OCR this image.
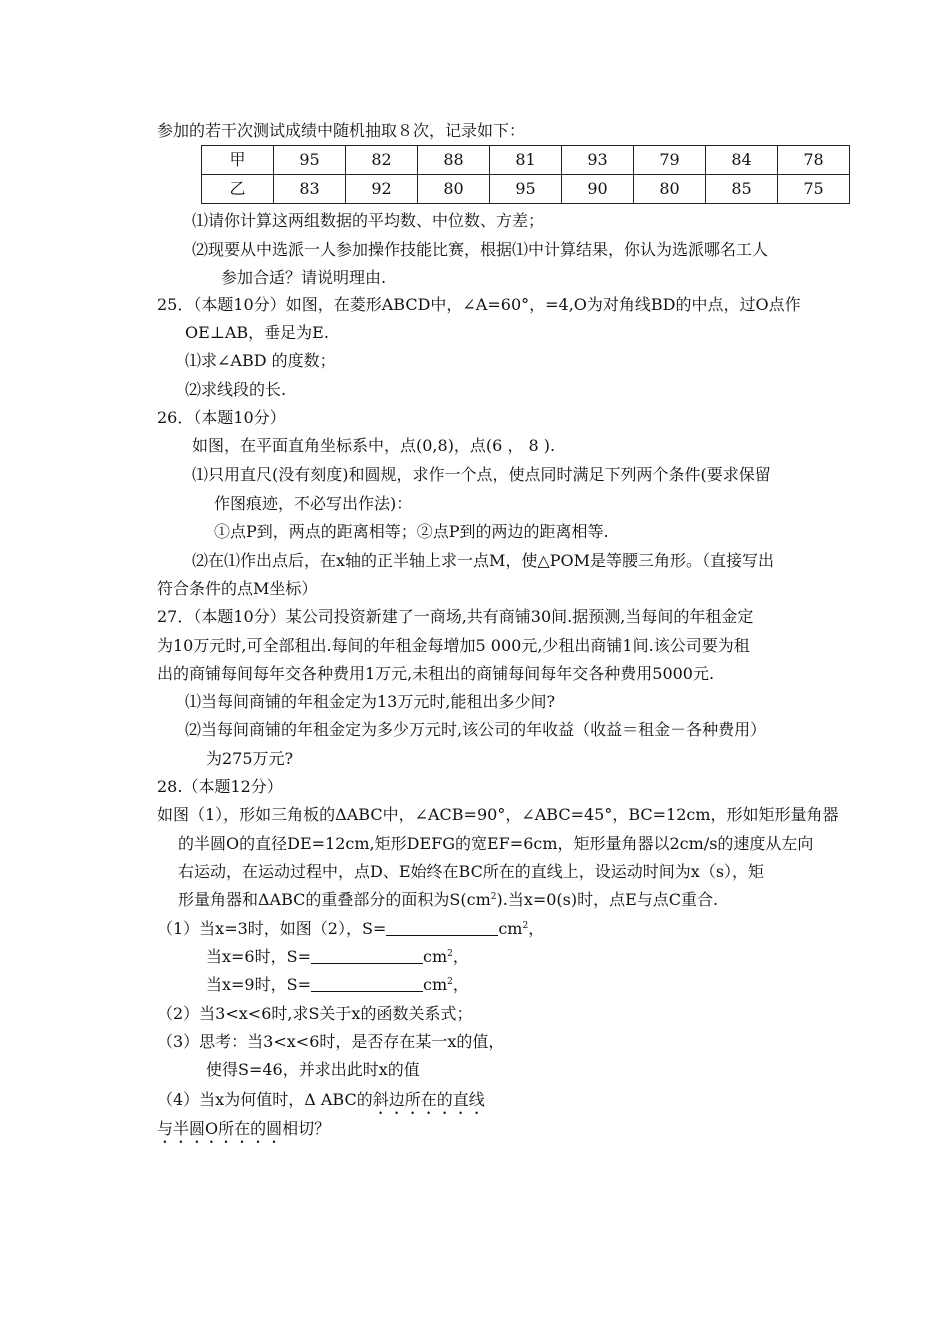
参加的若干次测试成绩中随机抽取８次，记录如下：
甲	95	82	88	81	93	79	84	78
乙	83	92	80	95	90	80	85	75
⑴请你计算这两组数据的平均数、中位数、方差；
⑵现要从中选派一人参加操作技能比赛，根据⑴中计算结果，你认为选派哪名工人
参加合适？请说明理由.
25．（本题10分）如图，在菱形ABCD中，∠A=60°，=4,O为对角线BD的中点，过O点作
OE⊥AB，垂足为E.
⑴求∠ABD 的度数；
⑵求线段的长.
26．（本题10分）
如图，在平面直角坐标系中，点(0,8)，点(6 ， 8 ).
⑴只用直尺(没有刻度)和圆规，求作一个点，使点同时满足下列两个条件(要求保留
作图痕迹，不必写出作法)：
①点P到，两点的距离相等；②点P到的两边的距离相等.
⑵在⑴作出点后，在x轴的正半轴上求一点M，使△POM是等腰三角形。（直接写出
符合条件的点M坐标）
27．（本题10分）某公司投资新建了一商场,共有商铺30间.据预测,当每间的年租金定
为10万元时,可全部租出.每间的年租金每增加5 000元,少租出商铺1间.该公司要为租
出的商铺每间每年交各种费用1万元,未租出的商铺每间每年交各种费用5000元.
⑴当每间商铺的年租金定为13万元时,能租出多少间?
⑵当每间商铺的年租金定为多少万元时,该公司的年收益（收益＝租金－各种费用）
为275万元?
28.（本题12分）
如图（1），形如三角板的ΔABC中，∠ACB=90°，∠ABC=45°，BC=12cm，形如矩形量角器
的半圆O的直径DE=12cm,矩形DEFG的宽EF=6cm，矩形量角器以2cm/s的速度从左向
右运动，在运动过程中，点D、E始终在BC所在的直线上，设运动时间为x（s），矩
形量角器和ΔABC的重叠部分的面积为$S(cm^2)$.当x=0(s)时，点E与点C重合.
（1）当x=3时，如图（2），S=	$cm^2$，
当x=6时，S=	$cm^2$，
当x=9时，S=	$cm^2$，
（2）当3<x<6时,求S关于x的函数关系式；
（3）思考：当3<x<6时，是否存在某一x的值，
使得S=46，并求出此时x的值
（4）当x为何值时，Δ ABC的斜边所在的直线
与半圆O所在的圆相切？
